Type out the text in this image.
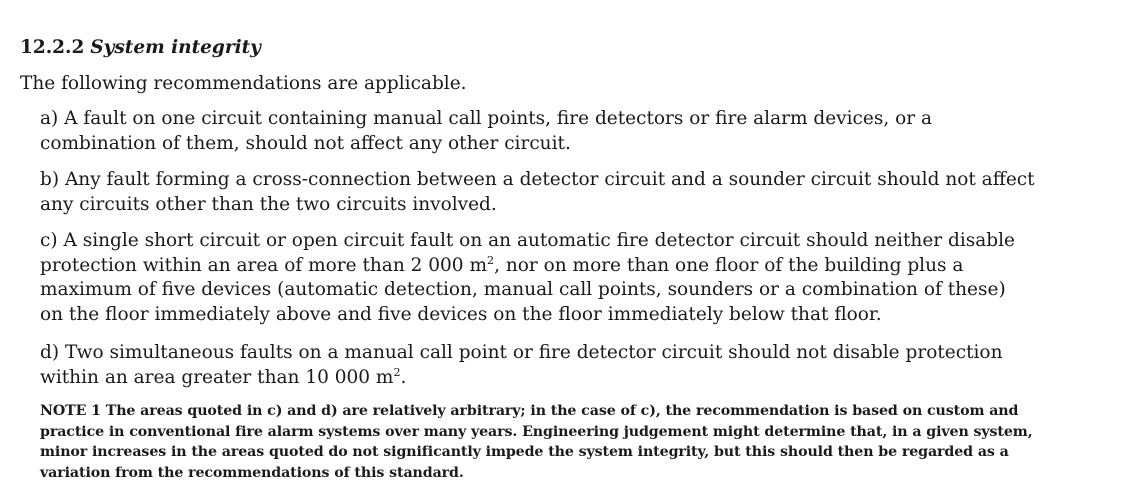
12.2.2 System integrity
The following recommendations are applicable.
a) A fault on one circuit containing manual call points, fire detectors or fire alarm devices, or a
combination of them, should not affect any other circuit.
b) Any fault forming a cross-connection between a detector circuit and a sounder circuit should not affect
any circuits other than the two circuits involved.
c) A single short circuit or open circuit fault on an automatic fire detector circuit should neither disable
protection within an area of more than 2 000 $m^2$, nor on more than one floor of the building plus a
maximum of five devices (automatic detection, manual call points, sounders or a combination of these)
on the floor immediately above and five devices on the floor immediately below that floor.
d) Two simultaneous faults on a manual call point or fire detector circuit should not disable protection
within an area greater than 10 000 $m^2$.
NOTE 1 The areas quoted in c) and d) are relatively arbitrary; in the case of c), the recommendation is based on custom and
practice in conventional fire alarm systems over many years. Engineering judgement might determine that, in a given system,
minor increases in the areas quoted do not significantly impede the system integrity, but this should then be regarded as a
variation from the recommendations of this standard.
